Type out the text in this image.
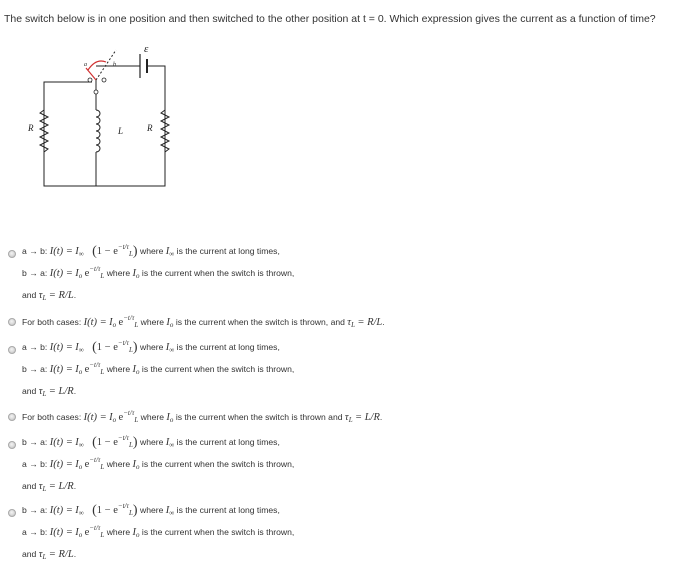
The switch below is in one position and then switched to the other position at t = 0. Which expression gives the current as a function of time?
ε
R	R
L
a	b
a → b: $I(t) = I_\infty$ $(1 - e^{-t/\tau}_L)$ where $I_\infty$ is the current at long times,
b → a: $I(t) = I_o$ $e^{-t/\tau}_L$ where $I_o$ is the current when the switch is thrown,
and $\tau_L = R/L$.
For both cases: $I(t) = I_o$ $e^{-t/\tau}_L$ where $I_o$ is the current when the switch is thrown, and $\tau_L = R/L$.
a → b: $I(t) = I_\infty$ $(1 - e^{-t/\tau}_L)$ where $I_\infty$ is the current at long times,
b → a: $I(t) = I_o$ $e^{-t/\tau}_L$ where $I_o$ is the current when the switch is thrown,
and $\tau_L = L/R$.
For both cases: $I(t) = I_o$ $e^{-t/\tau}_L$ where $I_o$ is the current when the switch is thrown and $\tau_L = L/R$.
b → a: $I(t) = I_\infty$ $(1 - e^{-t/\tau}_L)$ where $I_\infty$ is the current at long times,
a → b: $I(t) = I_o$ $e^{-t/\tau}_L$ where $I_o$ is the current when the switch is thrown,
and $\tau_L = L/R$.
b → a: $I(t) = I_\infty$ $(1 - e^{-t/\tau}_L)$ where $I_\infty$ is the current at long times,
a → b: $I(t) = I_o$ $e^{-t/\tau}_L$ where $I_o$ is the current when the switch is thrown,
and $\tau_L = R/L$.
